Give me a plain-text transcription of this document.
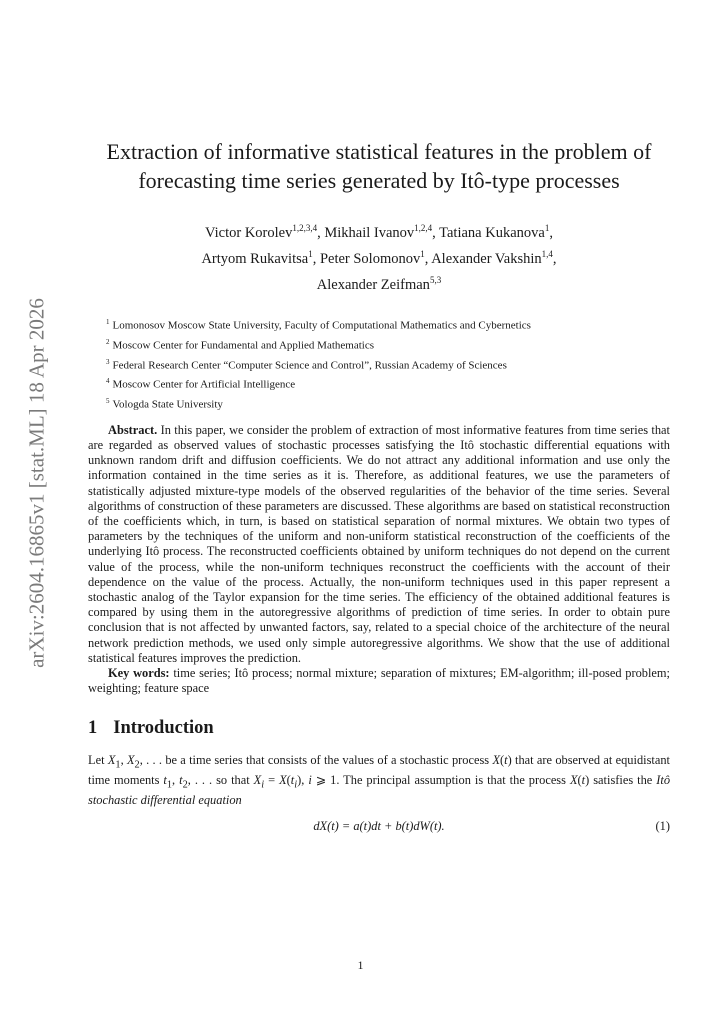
arXiv:2604.16865v1 [stat.ML] 18 Apr 2026
Extraction of informative statistical features in the problem of forecasting time series generated by Itô-type processes
Victor Korolev$^{1,2,3,4}$, Mikhail Ivanov$^{1,2,4}$, Tatiana Kukanova$^1$,
Artyom Rukavitsa$^1$, Peter Solomonov$^1$, Alexander Vakshin$^{1,4}$,
Alexander Zeifman$^{5,3}$
$^1$ Lomonosov Moscow State University, Faculty of Computational Mathematics and Cybernetics
$^2$ Moscow Center for Fundamental and Applied Mathematics
$^3$ Federal Research Center “Computer Science and Control”, Russian Academy of Sciences
$^4$ Moscow Center for Artificial Intelligence
$^5$ Vologda State University

Abstract. In this paper, we consider the problem of extraction of most informative features from time series that are regarded as observed values of stochastic processes satisfying the Itô stochastic differential equations with unknown random drift and diffusion coefficients. We do not attract any additional information and use only the information contained in the time series as it is. Therefore, as additional features, we use the parameters of statistically adjusted mixture-type models of the observed regularities of the behavior of the time series. Several algorithms of construction of these parameters are discussed. These algorithms are based on statistical reconstruction of the coefficients which, in turn, is based on statistical separation of normal mixtures. We obtain two types of parameters by the techniques of the uniform and non-uniform statistical reconstruction of the coefficients of the underlying Itô process. The reconstructed coefficients obtained by uniform techniques do not depend on the current value of the process, while the non-uniform techniques reconstruct the coefficients with the account of their dependence on the value of the process. Actually, the non-uniform techniques used in this paper represent a stochastic analog of the Taylor expansion for the time series. The efficiency of the obtained additional features is compared by using them in the autoregressive algorithms of prediction of time series. In order to obtain pure conclusion that is not affected by unwanted factors, say, related to a special choice of the architecture of the neural network prediction methods, we used only simple autoregressive algorithms. We show that the use of additional statistical features improves the prediction.

Key words: time series; Itô process; normal mixture; separation of mixtures; EM-algorithm; ill-posed problem; weighting; feature space

1 Introduction

Let $X_1$, $X_2$, . . . be a time series that consists of the values of a stochastic process X(t) that are observed at equidistant time moments $t_1$, $t_2$, . . . so that $X_i = X(t_i)$, i ⩾ 1. The principal assumption is that the process X(t) satisfies the Itô stochastic differential equation

dX(t) = a(t)dt + b(t)dW(t).	(1)
1
